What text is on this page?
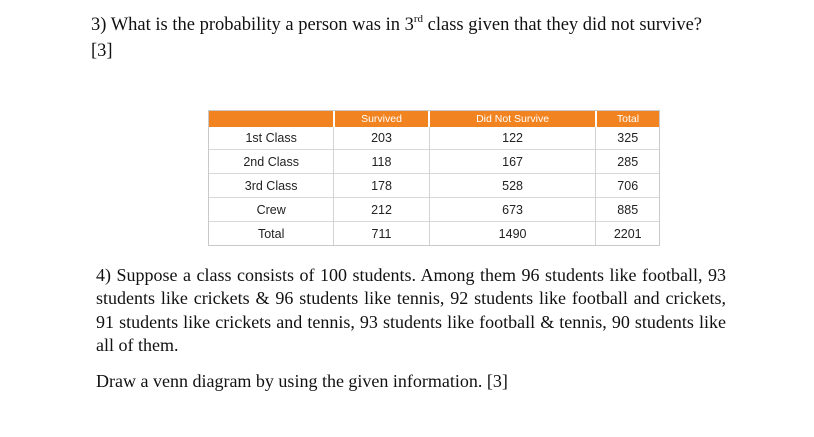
3) What is the probability a person was in 3rd class given that they did not survive?
[3]
	Survived	Did Not Survive	Total
1st Class	203	122	325
2nd Class	118	167	285
3rd Class	178	528	706
Crew	212	673	885
Total	711	1490	2201

4) Suppose a class consists of 100 students. Among them 96 students like football, 93 students like crickets & 96 students like tennis, 92 students like football and crickets, 91 students like crickets and tennis, 93 students like football & tennis, 90 students like all of them.

Draw a venn diagram by using the given information. [3]
